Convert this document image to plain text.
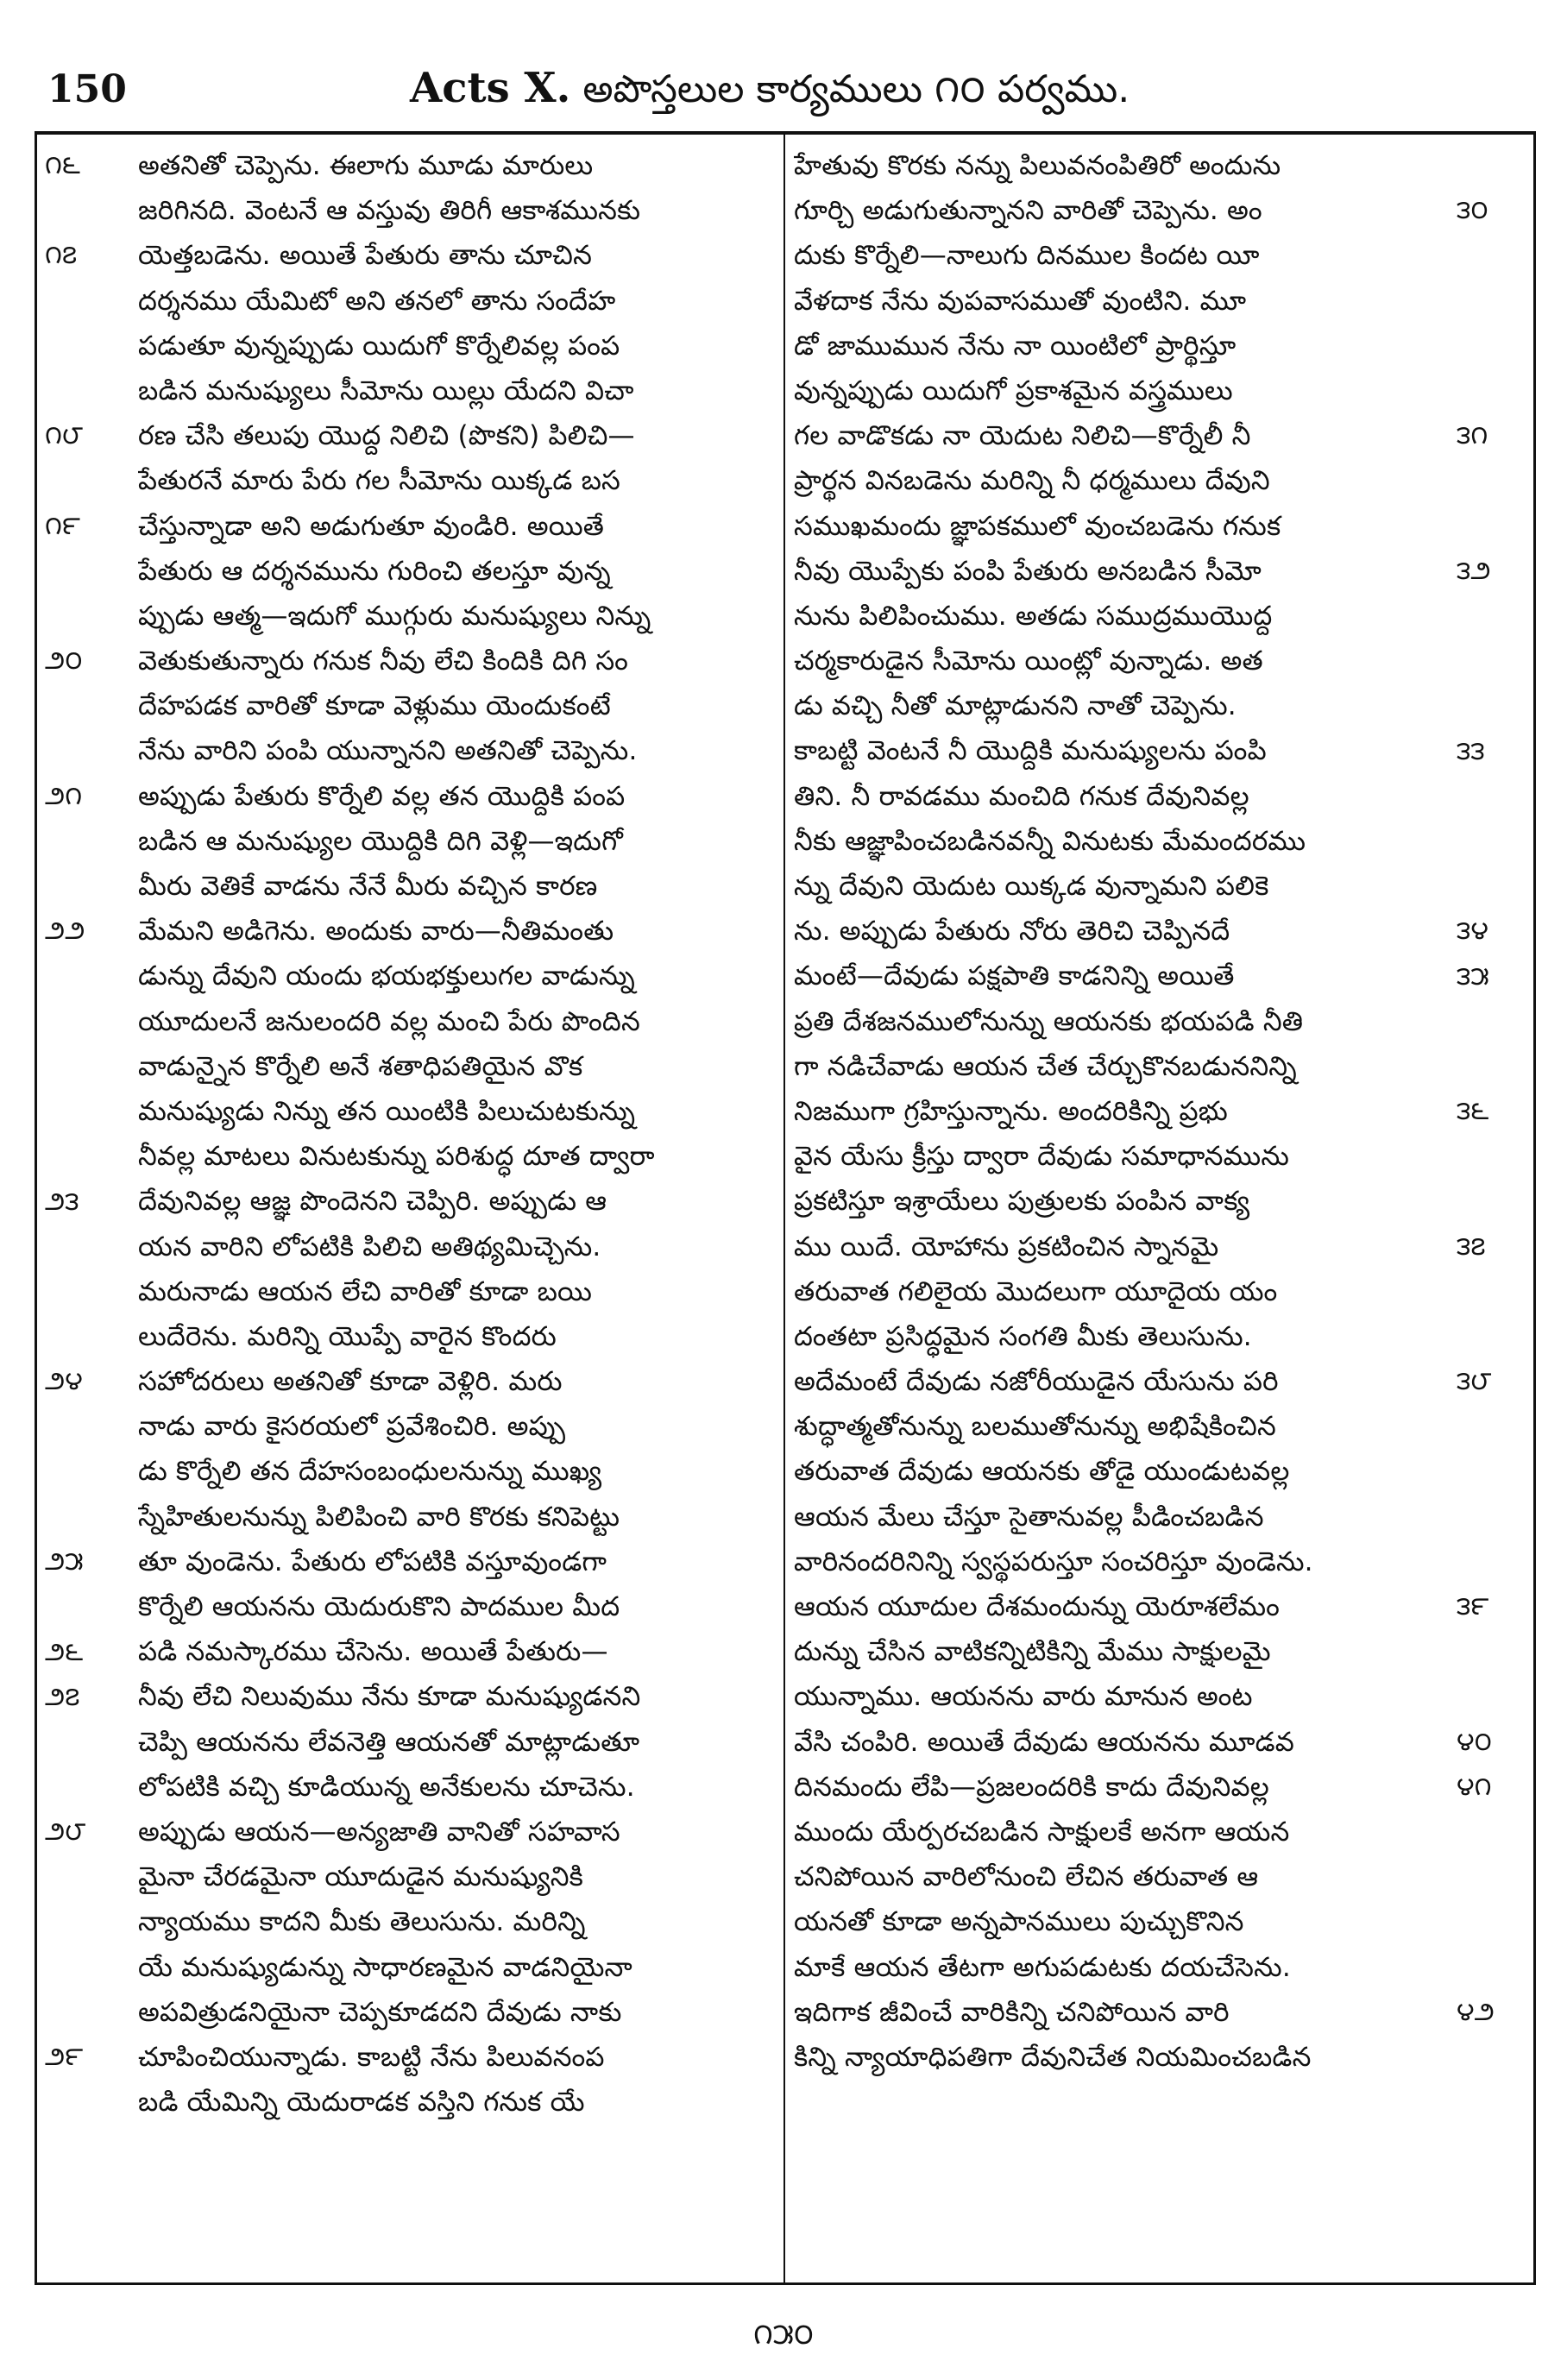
150	Acts X. అపొస్తలుల కార్యములు ౧౦ పర్వము.
౧౬
౧౭
౧౮
౧౯
౨౦
౨౧
౨౨
౨౩
౨౪
౨౫
౨౬
౨౭
౨౮
౨౯
అతనితో చెప్పెను. ఈలాగు మూడు మారులు
జరిగినది. వెంటనే ఆ వస్తువు తిరిగీ ఆకాశమునకు
యెత్తబడెను. అయితే పేతురు తాను చూచిన
దర్శనము యేమిటో అని తనలో తాను సందేహ
పడుతూ వున్నప్పుడు యిదుగో కొర్నేలివల్ల పంప
బడిన మనుష్యులు సీమోను యిల్లు యేదని విచా
రణ చేసి తలుపు యొద్ద నిలిచి (పొకని) పిలిచి—
పేతురనే మారు పేరు గల సీమోను యిక్కడ బస
చేస్తున్నాడా అని అడుగుతూ వుండిరి. అయితే
పేతురు ఆ దర్శనమును గురించి తలస్తూ వున్న
ప్పుడు ఆత్మ—ఇదుగో ముగ్గురు మనుష్యులు నిన్ను
వెతుకుతున్నారు గనుక నీవు లేచి కిందికి దిగి సం
దేహపడక వారితో కూడా వెళ్లుము యెందుకంటే
నేను వారిని పంపి యున్నానని అతనితో చెప్పెను.
అప్పుడు పేతురు కొర్నేలి వల్ల తన యొద్దికి పంప
బడిన ఆ మనుష్యుల యొద్దికి దిగి వెళ్లి—ఇదుగో
మీరు వెతికే వాడను నేనే మీరు వచ్చిన కారణ
మేమని అడిగెను. అందుకు వారు—నీతిమంతు
డున్ను దేవుని యందు భయభక్తులుగల వాడున్ను
యూదులనే జనులందరి వల్ల మంచి పేరు పొందిన
వాడున్నైన కొర్నేలి అనే శతాధిపతియైన వొక
మనుష్యుడు నిన్ను తన యింటికి పిలుచుటకున్ను
నీవల్ల మాటలు వినుటకున్ను పరిశుద్ధ దూత ద్వారా
దేవునివల్ల ఆజ్ఞ పొందెనని చెప్పిరి. అప్పుడు ఆ
యన వారిని లోపటికి పిలిచి అతిథ్యమిచ్చెను.
మరునాడు ఆయన లేచి వారితో కూడా బయి
లుదేరెను. మరిన్ని యొప్పే వారైన కొందరు
సహోదరులు అతనితో కూడా వెళ్లిరి. మరు
నాడు వారు కైసరయలో ప్రవేశించిరి. అప్పు
డు కొర్నేలి తన దేహసంబంధులనున్ను ముఖ్య
స్నేహితులనున్ను పిలిపించి వారి కొరకు కనిపెట్టు
తూ వుండెను. పేతురు లోపటికి వస్తూవుండగా
కొర్నేలి ఆయనను యెదురుకొని పాదముల మీద
పడి నమస్కారము చేసెను. అయితే పేతురు—
నీవు లేచి నిలువుము నేను కూడా మనుష్యుడనని
చెప్పి ఆయనను లేవనెత్తి ఆయనతో మాట్లాడుతూ
లోపటికి వచ్చి కూడియున్న అనేకులను చూచెను.
అప్పుడు ఆయన—అన్యజాతి వానితో సహవాస
మైనా చేరడమైనా యూదుడైన మనుష్యునికి
న్యాయము కాదని మీకు తెలుసును. మరిన్ని
యే మనుష్యుడున్ను సాధారణమైన వాడనియైనా
అపవిత్రుడనియైనా చెప్పకూడదని దేవుడు నాకు
చూపించియున్నాడు. కాబట్టి నేను పిలువనంప
బడి యేమిన్ని యెదురాడక వస్తిని గనుక యే
హేతువు కొరకు నన్ను పిలువనంపితిరో అందును
గూర్చి అడుగుతున్నానని వారితో చెప్పెను. అం
దుకు కొర్నేలి—నాలుగు దినముల కిందట యీ
వేళదాక నేను వుపవాసముతో వుంటిని. మూ
డో జాముమున నేను నా యింటిలో ప్రార్థిస్తూ
వున్నప్పుడు యిదుగో ప్రకాశమైన వస్త్రములు
గల వాడొకడు నా యెదుట నిలిచి—కొర్నేలీ నీ
ప్రార్థన వినబడెను మరిన్ని నీ ధర్మములు దేవుని
సముఖమందు జ్ఞాపకములో వుంచబడెను గనుక
నీవు యొప్పేకు పంపి పేతురు అనబడిన సీమో
నును పిలిపించుము. అతడు సముద్రముయొద్ద
చర్మకారుడైన సీమోను యింట్లో వున్నాడు. అత
డు వచ్చి నీతో మాట్లాడునని నాతో చెప్పెను.
కాబట్టి వెంటనే నీ యొద్దికి మనుష్యులను పంపి
తిని. నీ రావడము మంచిది గనుక దేవునివల్ల
నీకు ఆజ్ఞాపించబడినవన్నీ వినుటకు మేమందరము
న్ను దేవుని యెదుట యిక్కడ వున్నామని పలికె
ను. అప్పుడు పేతురు నోరు తెరిచి చెప్పినదే
మంటే—దేవుడు పక్షపాతి కాడనిన్ని అయితే
ప్రతి దేశజనములోనున్ను ఆయనకు భయపడి నీతి
గా నడిచేవాడు ఆయన చేత చేర్చుకొనబడుననిన్ని
నిజముగా గ్రహిస్తున్నాను. అందరికిన్ని ప్రభు
వైన యేసు క్రీస్తు ద్వారా దేవుడు సమాధానమును
ప్రకటిస్తూ ఇశ్రాయేలు పుత్రులకు పంపిన వాక్య
ము యిదే. యోహాను ప్రకటించిన స్నానమై
తరువాత గలిలైయ మొదలుగా యూదైయ యం
దంతటా ప్రసిద్ధమైన సంగతి మీకు తెలుసును.
అదేమంటే దేవుడు నజోరీయుడైన యేసును పరి
శుద్ధాత్మతోనున్ను బలముతోనున్ను అభిషేకించిన
తరువాత దేవుడు ఆయనకు తోడై యుండుటవల్ల
ఆయన మేలు చేస్తూ సైతానువల్ల పీడించబడిన
వారినందరినిన్ని స్వస్థపరుస్తూ సంచరిస్తూ వుండెను.
ఆయన యూదుల దేశమందున్ను యెరూశలేమం
దున్ను చేసిన వాటికన్నిటికిన్ని మేము సాక్షులమై
యున్నాము. ఆయనను వారు మానున అంట
వేసి చంపిరి. అయితే దేవుడు ఆయనను మూడవ
దినమందు లేపి—ప్రజలందరికి కాదు దేవునివల్ల
ముందు యేర్పరచబడిన సాక్షులకే అనగా ఆయన
చనిపోయిన వారిలోనుంచి లేచిన తరువాత ఆ
యనతో కూడా అన్నపానములు పుచ్చుకొనిన
మాకే ఆయన తేటగా అగుపడుటకు దయచేసెను.
ఇదిగాక జీవించే వారికిన్ని చనిపోయిన వారి
కిన్ని న్యాయాధిపతిగా దేవునిచేత నియమించబడిన
౩౦
౩౧
౩౨
౩౩
౩౪
౩౫
౩౬
౩౭
౩౮
౩౯
౪౦
౪౧
౪౨
౧౫౦
